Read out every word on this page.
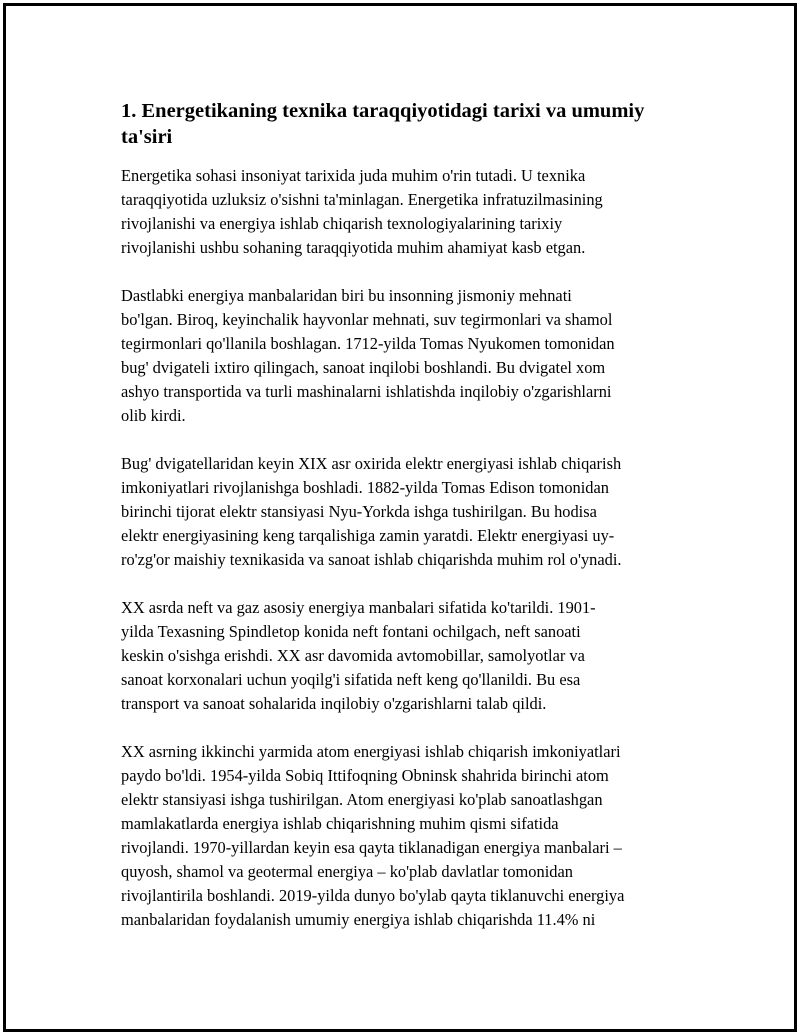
1. Energetikaning texnika taraqqiyotidagi tarixi va umumiy
ta'siri

Energetika sohasi insoniyat tarixida juda muhim o'rin tutadi. U texnika
taraqqiyotida uzluksiz o'sishni ta'minlagan. Energetika infratuzilmasining
rivojlanishi va energiya ishlab chiqarish texnologiyalarining tarixiy
rivojlanishi ushbu sohaning taraqqiyotida muhim ahamiyat kasb etgan.

Dastlabki energiya manbalaridan biri bu insonning jismoniy mehnati
bo'lgan. Biroq, keyinchalik hayvonlar mehnati, suv tegirmonlari va shamol
tegirmonlari qo'llanila boshlagan. 1712-yilda Tomas Nyukomen tomonidan
bug' dvigateli ixtiro qilingach, sanoat inqilobi boshlandi. Bu dvigatel xom
ashyo transportida va turli mashinalarni ishlatishda inqilobiy o'zgarishlarni
olib kirdi.

Bug' dvigatellaridan keyin XIX asr oxirida elektr energiyasi ishlab chiqarish
imkoniyatlari rivojlanishga boshladi. 1882-yilda Tomas Edison tomonidan
birinchi tijorat elektr stansiyasi Nyu-Yorkda ishga tushirilgan. Bu hodisa
elektr energiyasining keng tarqalishiga zamin yaratdi. Elektr energiyasi uy-
ro'zg'or maishiy texnikasida va sanoat ishlab chiqarishda muhim rol o'ynadi.

XX asrda neft va gaz asosiy energiya manbalari sifatida ko'tarildi. 1901-
yilda Texasning Spindletop konida neft fontani ochilgach, neft sanoati
keskin o'sishga erishdi. XX asr davomida avtomobillar, samolyotlar va
sanoat korxonalari uchun yoqilg'i sifatida neft keng qo'llanildi. Bu esa
transport va sanoat sohalarida inqilobiy o'zgarishlarni talab qildi.

XX asrning ikkinchi yarmida atom energiyasi ishlab chiqarish imkoniyatlari
paydo bo'ldi. 1954-yilda Sobiq Ittifoqning Obninsk shahrida birinchi atom
elektr stansiyasi ishga tushirilgan. Atom energiyasi ko'plab sanoatlashgan
mamlakatlarda energiya ishlab chiqarishning muhim qismi sifatida
rivojlandi. 1970-yillardan keyin esa qayta tiklanadigan energiya manbalari –
quyosh, shamol va geotermal energiya – ko'plab davlatlar tomonidan
rivojlantirila boshlandi. 2019-yilda dunyo bo'ylab qayta tiklanuvchi energiya
manbalaridan foydalanish umumiy energiya ishlab chiqarishda 11.4% ni
